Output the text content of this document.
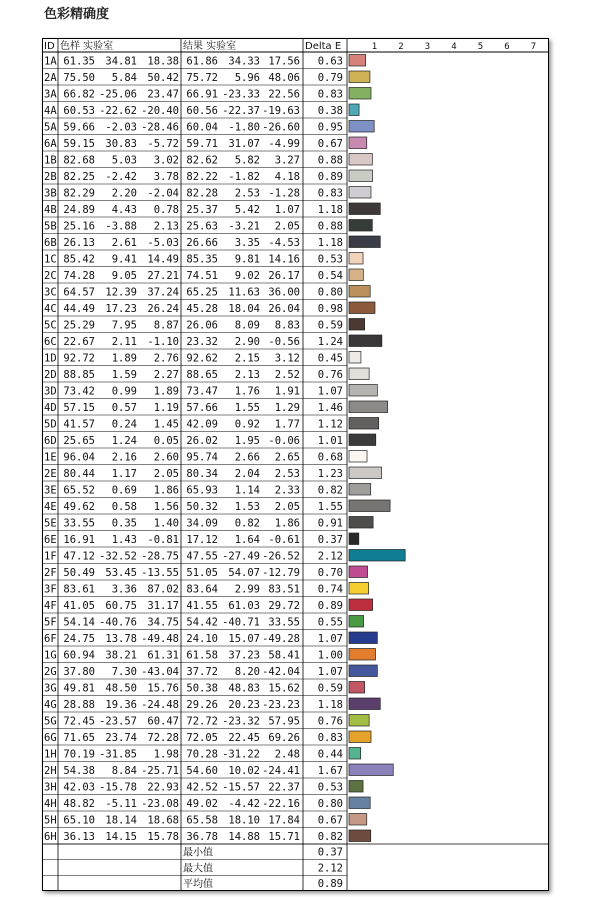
色彩精确度
ID 色样 实验室	结果 实验室	Delta E	1 2 3 4 5 6 7
1A 61.35 34.81 18.38 61.86 34.33 17.56 0.63
2A 75.50 5.84 50.42 75.72 5.96 48.06 0.79
3A 66.82 -25.06 23.47 66.91 -23.33 22.56 0.83
4A 60.53 -22.62 -20.40 60.56 -22.37 -19.63 0.38
5A 59.66 -2.03 -28.46 60.04 -1.80 -26.60 0.95
6A 59.15 30.83 -5.72 59.71 31.07 -4.99 0.67
1B 82.68 5.03 3.02 82.62 5.82 3.27 0.88
2B 82.25 -2.42 3.78 82.22 -1.82 4.18 0.89
3B 82.29 2.20 -2.04 82.28 2.53 -1.28 0.83
4B 24.89 4.43 0.78 25.37 5.42 1.07 1.18
5B 25.16 -3.88 2.13 25.63 -3.21 2.05 0.88
6B 26.13 2.61 -5.03 26.66 3.35 -4.53 1.18
1C 85.42 9.41 14.49 85.35 9.81 14.16 0.53
2C 74.28 9.05 27.21 74.51 9.02 26.17 0.54
3C 64.57 12.39 37.24 65.25 11.63 36.00 0.80
4C 44.49 17.23 26.24 45.28 18.04 26.04 0.98
5C 25.29 7.95 8.87 26.06 8.09 8.83 0.59
6C 22.67 2.11 -1.10 23.32 2.90 -0.56 1.24
1D 92.72 1.89 2.76 92.62 2.15 3.12 0.45
2D 88.85 1.59 2.27 88.65 2.13 2.52 0.76
3D 73.42 0.99 1.89 73.47 1.76 1.91 1.07
4D 57.15 0.57 1.19 57.66 1.55 1.29 1.46
5D 41.57 0.24 1.45 42.09 0.92 1.77 1.12
6D 25.65 1.24 0.05 26.02 1.95 -0.06 1.01
1E 96.04 2.16 2.60 95.74 2.66 2.65 0.68
2E 80.44 1.17 2.05 80.34 2.04 2.53 1.23
3E 65.52 0.69 1.86 65.93 1.14 2.33 0.82
4E 49.62 0.58 1.56 50.32 1.53 2.05 1.55
5E 33.55 0.35 1.40 34.09 0.82 1.86 0.91
6E 16.91 1.43 -0.81 17.12 1.64 -0.61 0.37
1F 47.12 -32.52 -28.75 47.55 -27.49 -26.52 2.12
2F 50.49 53.45 -13.55 51.05 54.07 -12.79 0.70
3F 83.61 3.36 87.02 83.64 2.99 83.51 0.74
4F 41.05 60.75 31.17 41.55 61.03 29.72 0.89
5F 54.14 -40.76 34.75 54.42 -40.71 33.55 0.55
6F 24.75 13.78 -49.48 24.10 15.07 -49.28 1.07
1G 60.94 38.21 61.31 61.58 37.23 58.41 1.00
2G 37.80 7.30 -43.04 37.72 8.20 -42.04 1.07
3G 49.81 48.50 15.76 50.38 48.83 15.62 0.59
4G 28.88 19.36 -24.48 29.26 20.23 -23.23 1.18
5G 72.45 -23.57 60.47 72.72 -23.32 57.95 0.76
6G 71.65 23.74 72.28 72.05 22.45 69.26 0.83
1H 70.19 -31.85 1.98 70.28 -31.22 2.48 0.44
2H 54.38 8.84 -25.71 54.60 10.02 -24.41 1.67
3H 42.03 -15.78 22.93 42.52 -15.57 22.37 0.53
4H 48.82 -5.11 -23.08 49.02 -4.42 -22.16 0.80
5H 65.10 18.14 18.68 65.58 18.10 17.84 0.67
6H 36.13 14.15 15.78 36.78 14.88 15.71 0.82
最小值	0.37
最大值	2.12
平均值	0.89
